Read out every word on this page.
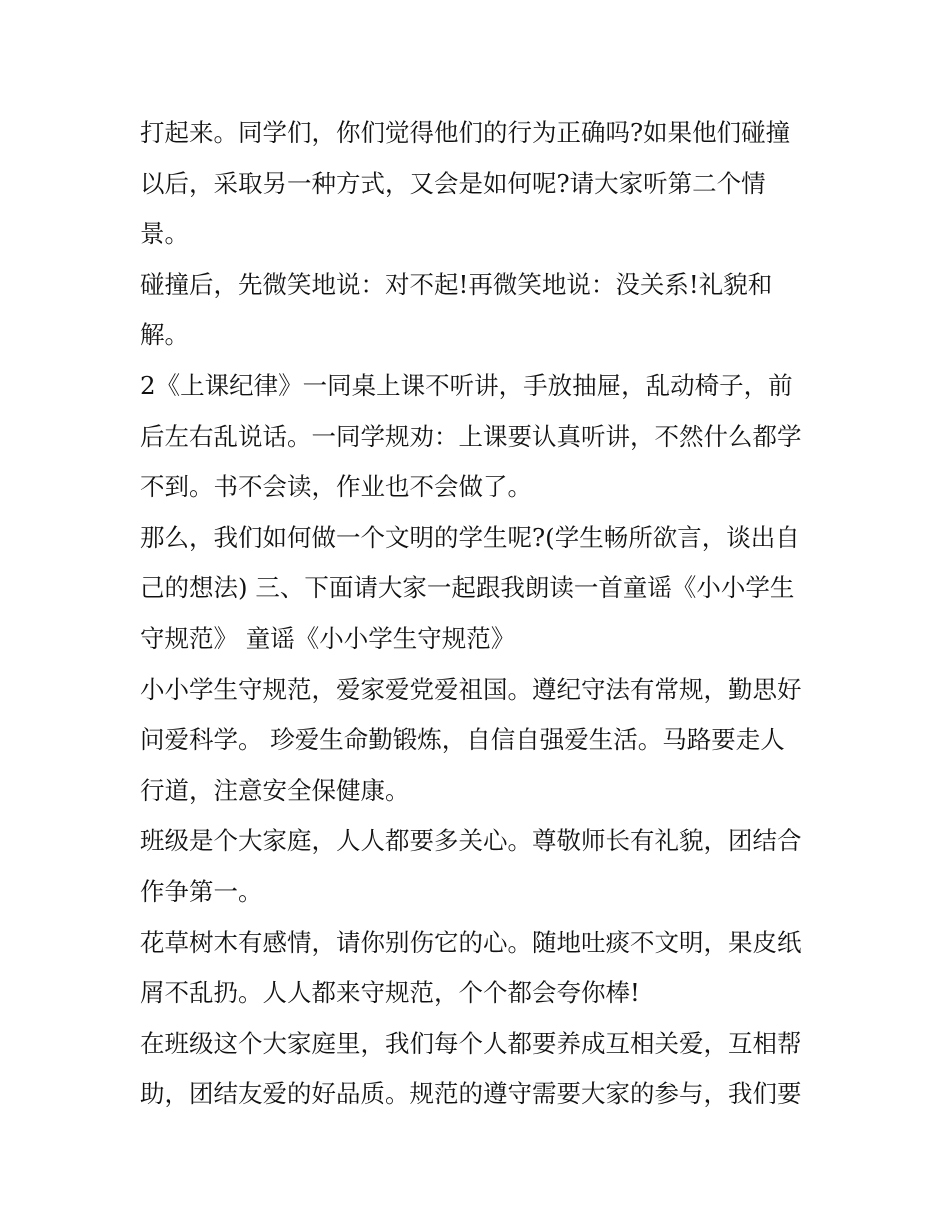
打起来。同学们，你们觉得他们的行为正确吗?如果他们碰撞
以后，采取另一种方式，又会是如何呢?请大家听第二个情
景。
碰撞后，先微笑地说：对不起!再微笑地说：没关系!礼貌和
解。
2《上课纪律》一同桌上课不听讲，手放抽屉，乱动椅子，前
后左右乱说话。一同学规劝：上课要认真听讲，不然什么都学
不到。书不会读，作业也不会做了。
那么，我们如何做一个文明的学生呢?(学生畅所欲言，谈出自
己的想法) 三、下面请大家一起跟我朗读一首童谣《小小学生
守规范》 童谣《小小学生守规范》
小小学生守规范，爱家爱党爱祖国。遵纪守法有常规，勤思好
问爱科学。 珍爱生命勤锻炼，自信自强爱生活。马路要走人
行道，注意安全保健康。
班级是个大家庭，人人都要多关心。尊敬师长有礼貌，团结合
作争第一。
花草树木有感情，请你别伤它的心。随地吐痰不文明，果皮纸
屑不乱扔。人人都来守规范，个个都会夸你棒!
在班级这个大家庭里，我们每个人都要养成互相关爱，互相帮
助，团结友爱的好品质。规范的遵守需要大家的参与，我们要
